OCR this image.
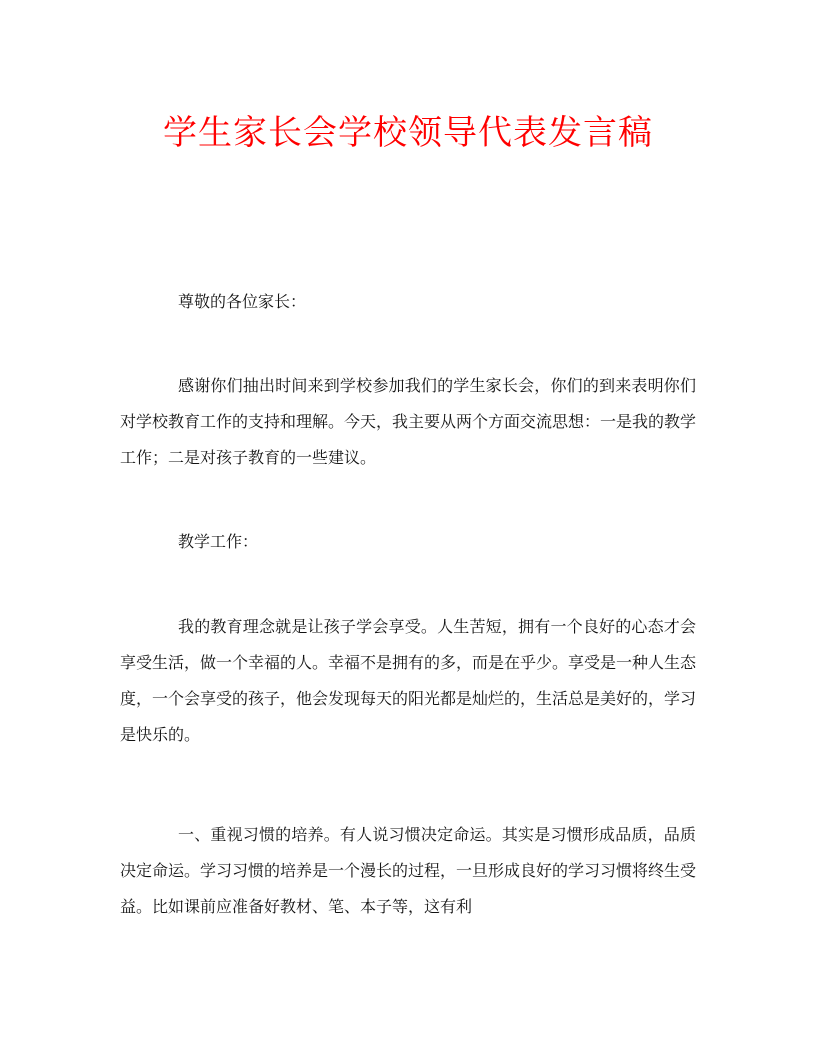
学生家长会学校领导代表发言稿

尊敬的各位家长：

感谢你们抽出时间来到学校参加我们的学生家长会，你们的到来表明你们对学校教育工作的支持和理解。今天，我主要从两个方面交流思想：一是我的教学工作；二是对孩子教育的一些建议。

教学工作：

我的教育理念就是让孩子学会享受。人生苦短，拥有一个良好的心态才会享受生活，做一个幸福的人。幸福不是拥有的多，而是在乎少。享受是一种人生态度，一个会享受的孩子，他会发现每天的阳光都是灿烂的，生活总是美好的，学习是快乐的。

一、重视习惯的培养。有人说习惯决定命运。其实是习惯形成品质，品质决定命运。学习习惯的培养是一个漫长的过程，一旦形成良好的学习习惯将终生受益。比如课前应准备好教材、笔、本子等，这有利
